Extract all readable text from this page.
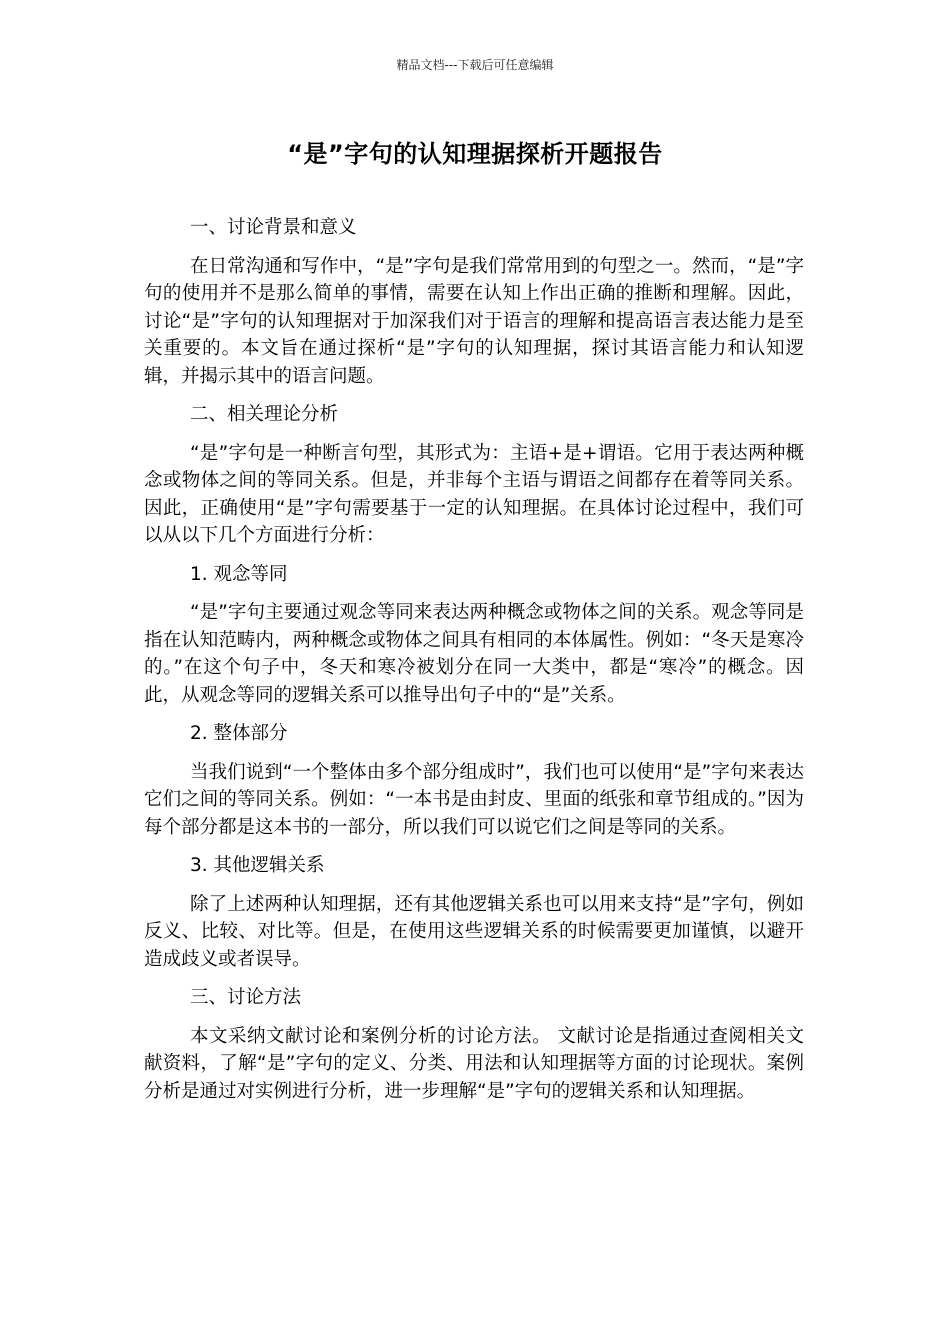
精品文档---下载后可任意编辑
“是”字句的认知理据探析开题报告

一、讨论背景和意义

在日常沟通和写作中，“是”字句是我们常常用到的句型之一。然而，“是”字句的使用并不是那么简单的事情，需要在认知上作出正确的推断和理解。因此，讨论“是”字句的认知理据对于加深我们对于语言的理解和提高语言表达能力是至关重要的。本文旨在通过探析“是”字句的认知理据，探讨其语言能力和认知逻辑，并揭示其中的语言问题。

二、相关理论分析

“是”字句是一种断言句型，其形式为：主语+是+谓语。它用于表达两种概念或物体之间的等同关系。但是，并非每个主语与谓语之间都存在着等同关系。因此，正确使用“是”字句需要基于一定的认知理据。在具体讨论过程中，我们可以从以下几个方面进行分析：

1. 观念等同

“是”字句主要通过观念等同来表达两种概念或物体之间的关系。观念等同是指在认知范畴内，两种概念或物体之间具有相同的本体属性。例如：“冬天是寒冷的。”在这个句子中，冬天和寒冷被划分在同一大类中，都是“寒冷”的概念。因此，从观念等同的逻辑关系可以推导出句子中的“是”关系。

2. 整体部分

当我们说到“一个整体由多个部分组成时”，我们也可以使用“是”字句来表达它们之间的等同关系。例如：“一本书是由封皮、里面的纸张和章节组成的。”因为每个部分都是这本书的一部分，所以我们可以说它们之间是等同的关系。

3. 其他逻辑关系

除了上述两种认知理据，还有其他逻辑关系也可以用来支持“是”字句，例如反义、比较、对比等。但是，在使用这些逻辑关系的时候需要更加谨慎，以避开造成歧义或者误导。

三、讨论方法

本文采纳文献讨论和案例分析的讨论方法。 文献讨论是指通过查阅相关文献资料，了解“是”字句的定义、分类、用法和认知理据等方面的讨论现状。案例分析是通过对实例进行分析，进一步理解“是”字句的逻辑关系和认知理据。
